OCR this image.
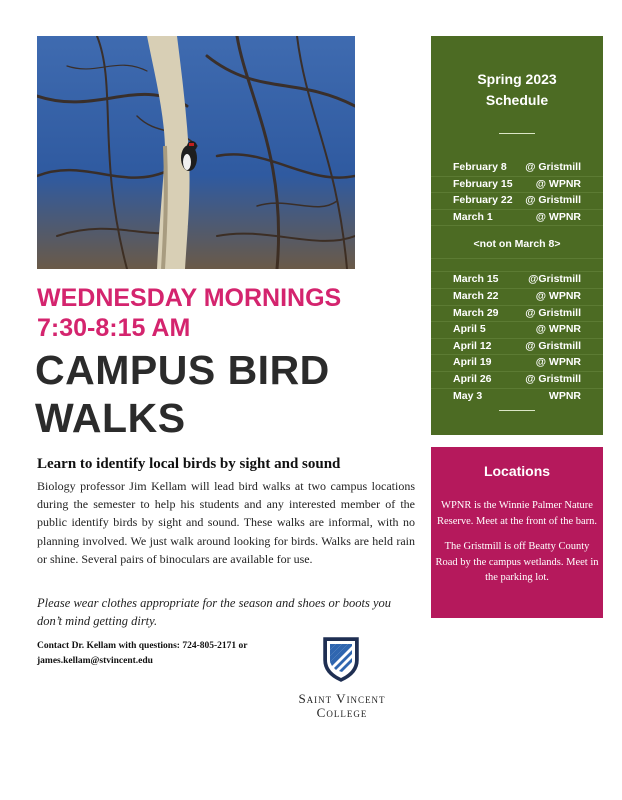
WEDNESDAY MORNINGS
7:30-8:15 AM
CAMPUS BIRD
WALKS
Learn to identify local birds by sight and sound
Biology professor Jim Kellam will lead bird walks at two campus locations during the semester to help his students and any interested member of the public identify birds by sight and sound. These walks are informal, with no planning involved. We just walk around looking for birds. Walks are held rain or shine. Several pairs of binoculars are available for use.
Please wear clothes appropriate for the season and shoes or boots you don’t mind getting dirty.
Contact Dr. Kellam with questions: 724-805-2171 or
james.kellam@stvincent.edu
Saint Vincent
College
Spring 2023
Schedule
February 8 @ Gristmill
February 15 @ WPNR
February 22 @ Gristmill
March 1	@ WPNR
<not on March 8>
March 15	@Gristmill
March 22	@ WPNR
March 29	@ Gristmill
April 5	@ WPNR
April 12	@ Gristmill
April 19	@ WPNR
April 26	@ Gristmill
May 3	WPNR
Locations
WPNR is the Winnie Palmer Nature Reserve. Meet at the front of the barn.
The Gristmill is off Beatty County Road by the campus wetlands. Meet in the parking lot.
